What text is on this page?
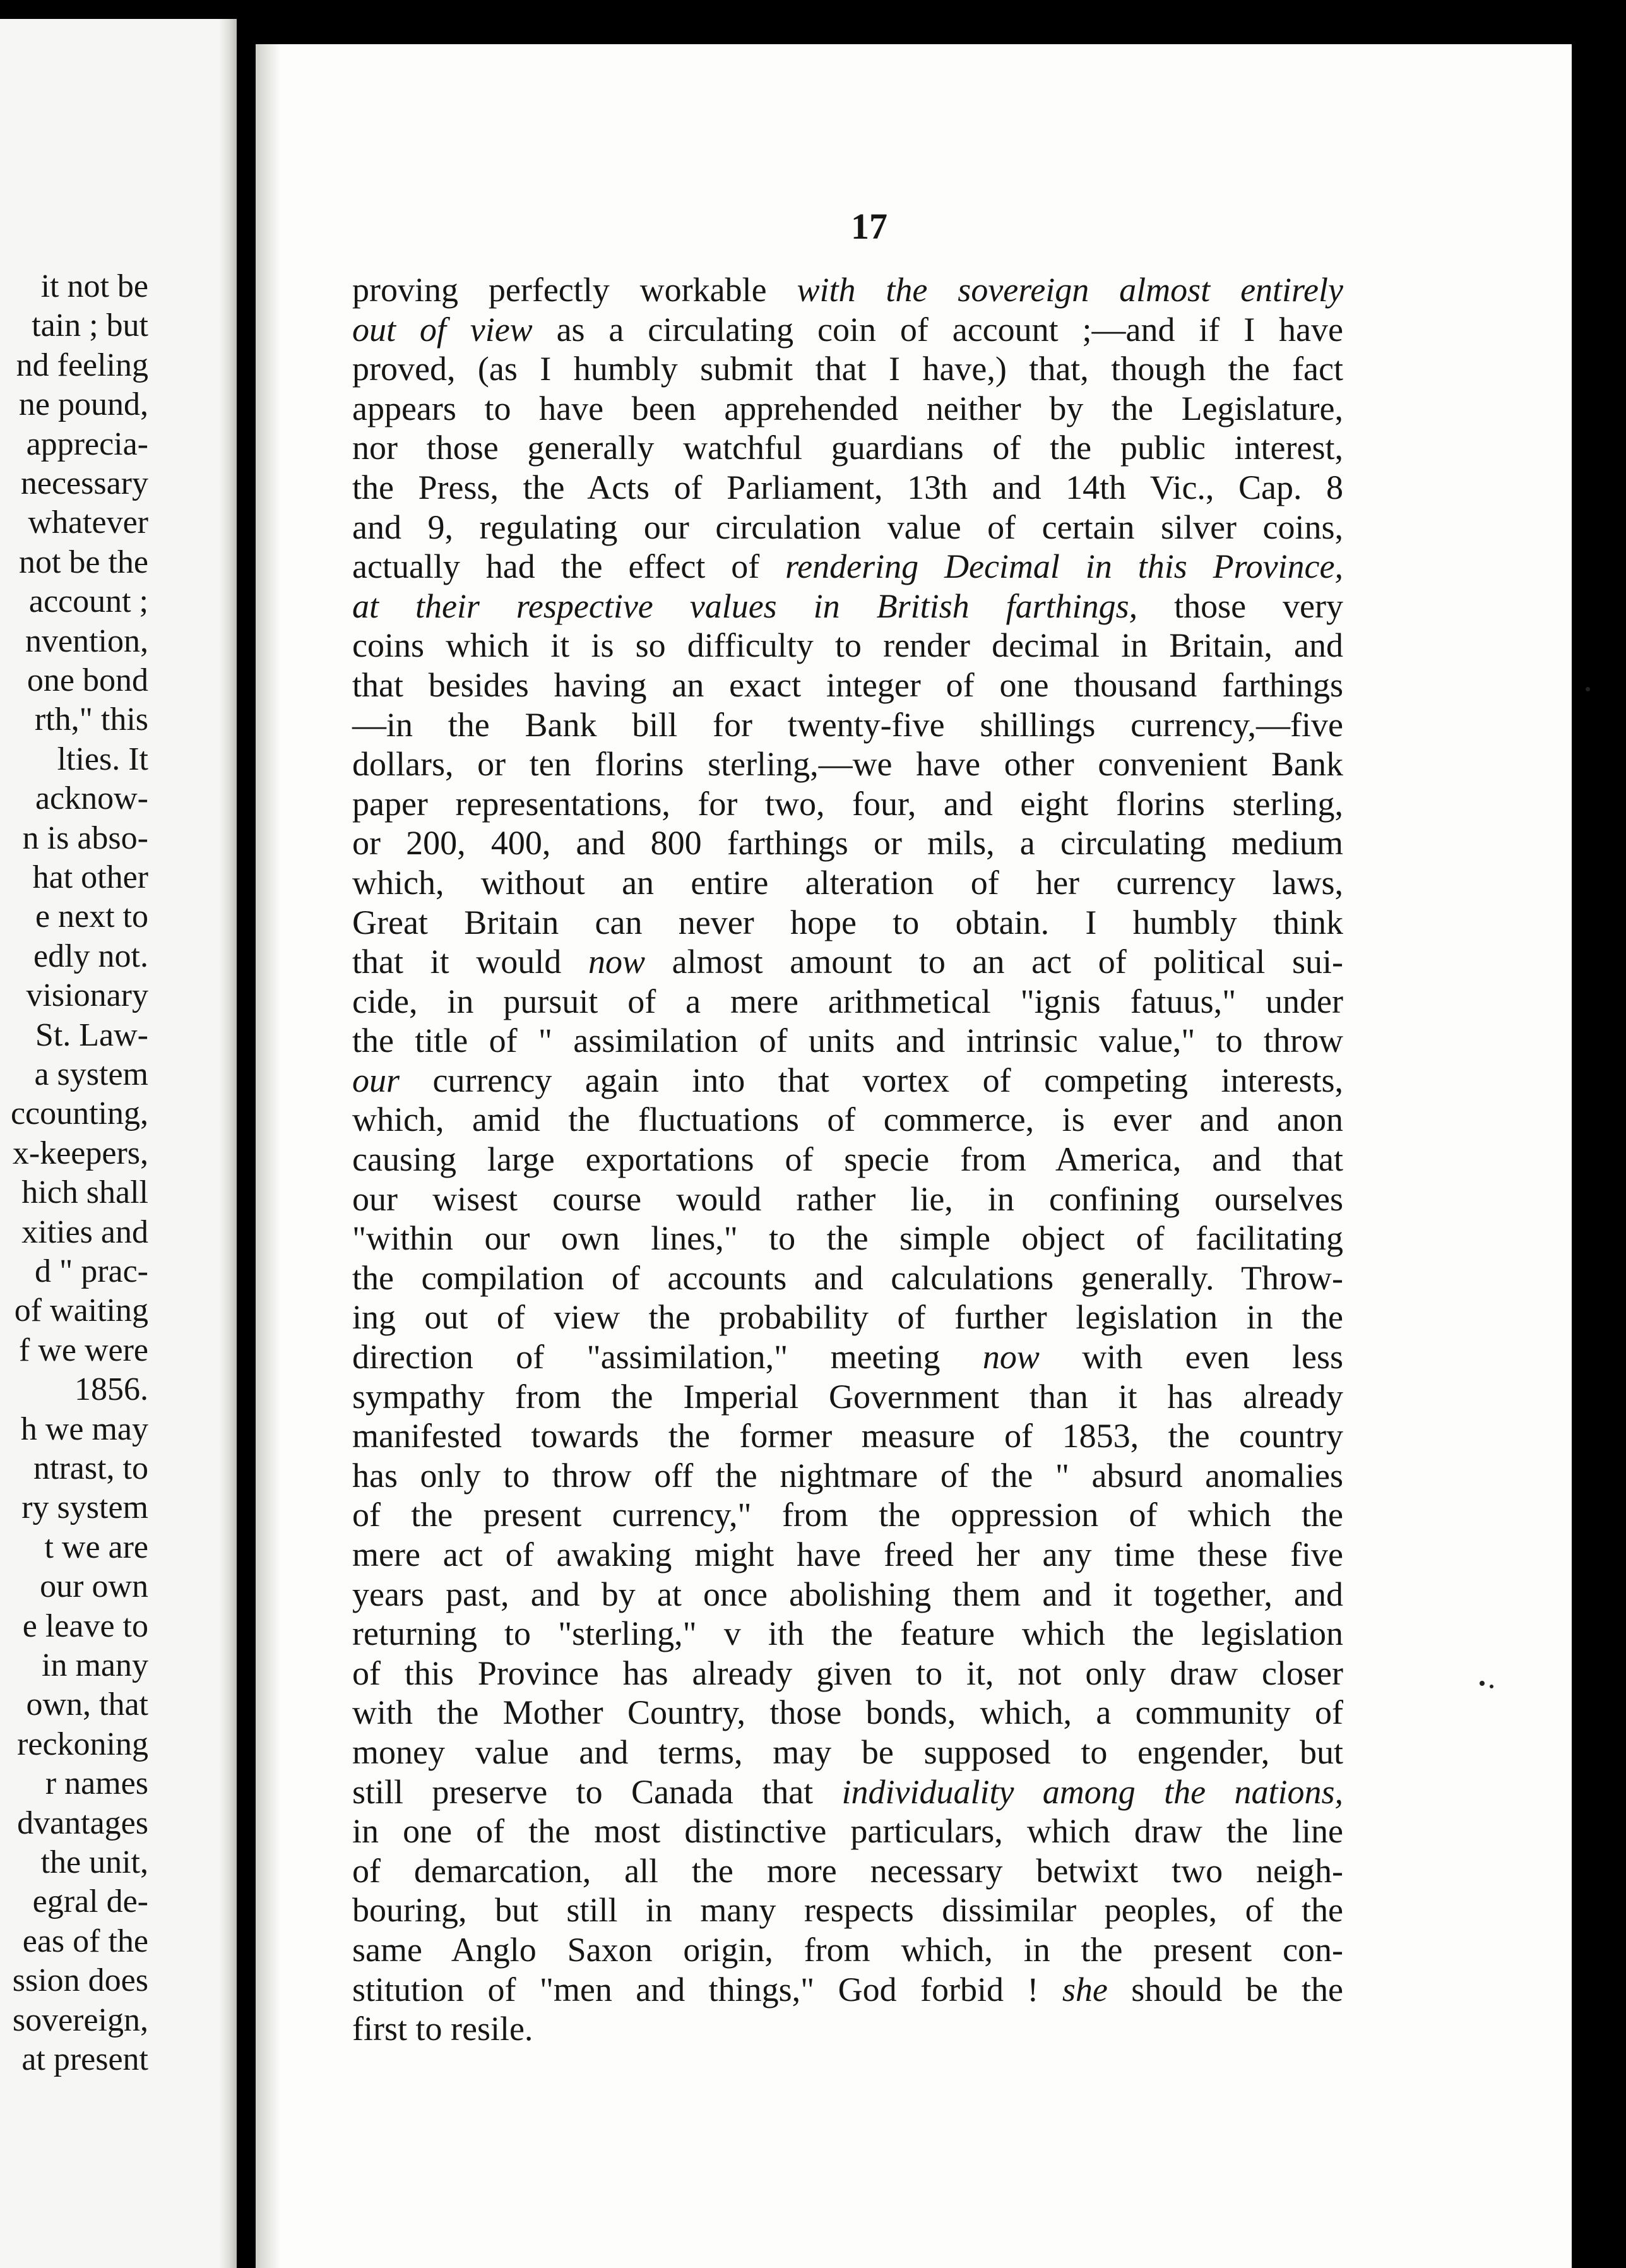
it not be
tain ; but
nd feeling
ne pound,
apprecia-
necessary
whatever
not be the
account ;
nvention,
one bond
rth," this
lties. It
acknow-
n is abso-
hat other
e next to
edly not.
visionary
St. Law-
a system
ccounting,
x-keepers,
hich shall
xities and
d " prac-
of waiting
f we were
1856.
h we may
ntrast, to
ry system
t we are
our own
e leave to
in many
own, that
reckoning
r names
dvantages
the unit,
egral de-
eas of the
ssion does
sovereign,
at present
17
proving perfectly workable with the sovereign almost entirely
out of view as a circulating coin of account ;—and if I have
proved, (as I humbly submit that I have,) that, though the fact
appears to have been apprehended neither by the Legislature,
nor those generally watchful guardians of the public interest,
the Press, the Acts of Parliament, 13th and 14th Vic., Cap. 8
and 9, regulating our circulation value of certain silver coins,
actually had the effect of rendering Decimal in this Province,
at their respective values in British farthings, those very
coins which it is so difficulty to render decimal in Britain, and
that besides having an exact integer of one thousand farthings
—in the Bank bill for twenty-five shillings currency,—five
dollars, or ten florins sterling,—we have other convenient Bank
paper representations, for two, four, and eight florins sterling,
or 200, 400, and 800 farthings or mils, a circulating medium
which, without an entire alteration of her currency laws,
Great Britain can never hope to obtain. I humbly think
that it would now almost amount to an act of political sui-
cide, in pursuit of a mere arithmetical "ignis fatuus," under
the title of " assimilation of units and intrinsic value," to throw
our currency again into that vortex of competing interests,
which, amid the fluctuations of commerce, is ever and anon
causing large exportations of specie from America, and that
our wisest course would rather lie, in confining ourselves
"within our own lines," to the simple object of facilitating
the compilation of accounts and calculations generally. Throw-
ing out of view the probability of further legislation in the
direction of "assimilation," meeting now with even less
sympathy from the Imperial Government than it has already
manifested towards the former measure of 1853, the country
has only to throw off the nightmare of the " absurd anomalies
of the present currency," from the oppression of which the
mere act of awaking might have freed her any time these five
years past, and by at once abolishing them and it together, and
returning to "sterling," v ith the feature which the legislation
of this Province has already given to it, not only draw closer
with the Mother Country, those bonds, which, a community of
money value and terms, may be supposed to engender, but
still preserve to Canada that individuality among the nations,
in one of the most distinctive particulars, which draw the line
of demarcation, all the more necessary betwixt two neigh-
bouring, but still in many respects dissimilar peoples, of the
same Anglo Saxon origin, from which, in the present con-
stitution of "men and things," God forbid ! she should be the
first to resile.
